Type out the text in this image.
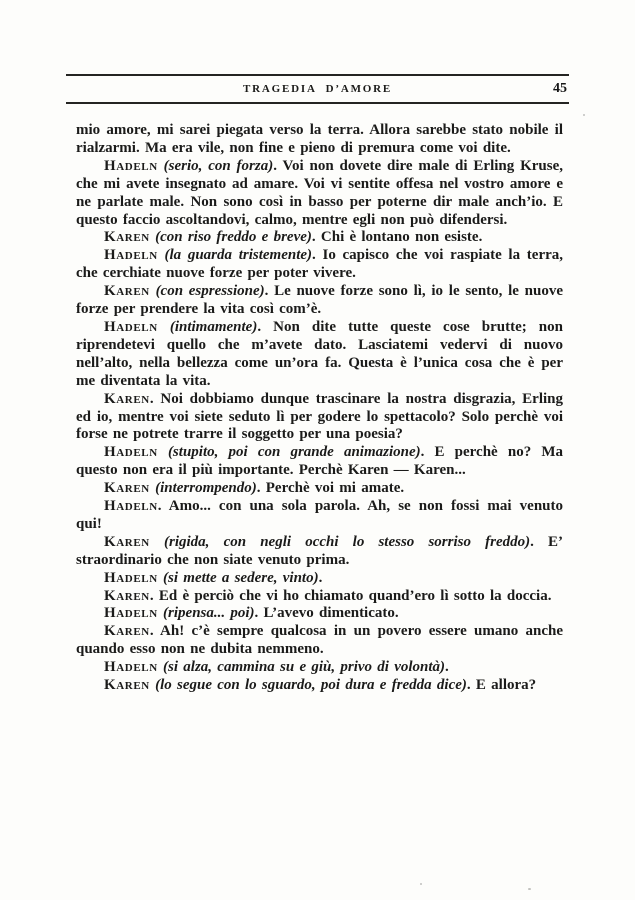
TRAGEDIA D’AMORE	45

mio amore, mi sarei piegata verso la terra. Allora sarebbe stato nobile il rialzarmi. Ma era vile, non fine e pieno di premura come voi dite.

Hadeln (serio, con forza). Voi non dovete dire male di Erling Kruse, che mi avete insegnato ad amare. Voi vi sentite offesa nel vostro amore e ne parlate male. Non sono così in basso per poterne dir male anch’io. E questo faccio ascoltandovi, calmo, mentre egli non può difendersi.

Karen (con riso freddo e breve). Chi è lontano non esiste.

Hadeln (la guarda tristemente). Io capisco che voi raspiate la terra, che cerchiate nuove forze per poter vivere.

Karen (con espressione). Le nuove forze sono lì, io le sento, le nuove forze per prendere la vita così com’è.

Hadeln (intimamente). Non dite tutte queste cose brutte; non riprendetevi quello che m’avete dato. Lasciatemi vedervi di nuovo nell’alto, nella bellezza come un’ora fa. Questa è l’unica cosa che è per me diventata la vita.

Karen. Noi dobbiamo dunque trascinare la nostra disgrazia, Erling ed io, mentre voi siete seduto lì per godere lo spettacolo? Solo perchè voi forse ne potrete trarre il soggetto per una poesia?

Hadeln (stupito, poi con grande animazione). E perchè no? Ma questo non era il più importante. Perchè Karen — Karen...

Karen (interrompendo). Perchè voi mi amate.

Hadeln. Amo... con una sola parola. Ah, se non fossi mai venuto qui!

Karen (rigida, con negli occhi lo stesso sorriso freddo). E’ straordinario che non siate venuto prima.

Hadeln (si mette a sedere, vinto).

Karen. Ed è perciò che vi ho chiamato quand’ero lì sotto la doccia.

Hadeln (ripensa... poi). L’avevo dimenticato.

Karen. Ah! c’è sempre qualcosa in un povero essere umano anche quando esso non ne dubita nemmeno.

Hadeln (si alza, cammina su e giù, privo di volontà).

Karen (lo segue con lo sguardo, poi dura e fredda dice). E allora?
